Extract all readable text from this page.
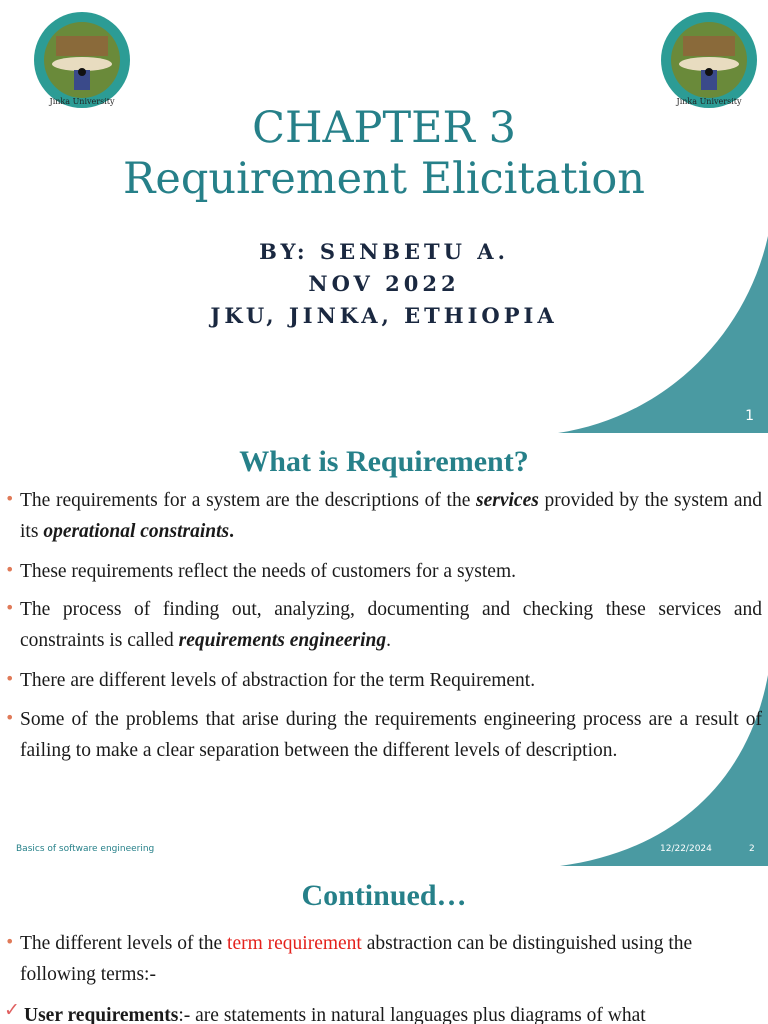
Jinka University	Jinka University
CHAPTER 3
Requirement Elicitation
BY: SENBETU A.
NOV 2022
JKU, JINKA, ETHIOPIA
1
What is Requirement?
• The requirements for a system are the descriptions of the services provided by the system and its operational constraints.
• These requirements reflect the needs of customers for a system.
• The process of finding out, analyzing, documenting and checking these services and constraints is called requirements engineering.
• There are different levels of abstraction for the term Requirement.
• Some of the problems that arise during the requirements engineering process are a result of failing to make a clear separation between the different levels of description.
Basics of software engineering	12/22/2024	2
Continued…
• The different levels of the term requirement abstraction can be distinguished using the following terms:-
✓ User requirements:- are statements in natural languages plus diagrams of what
